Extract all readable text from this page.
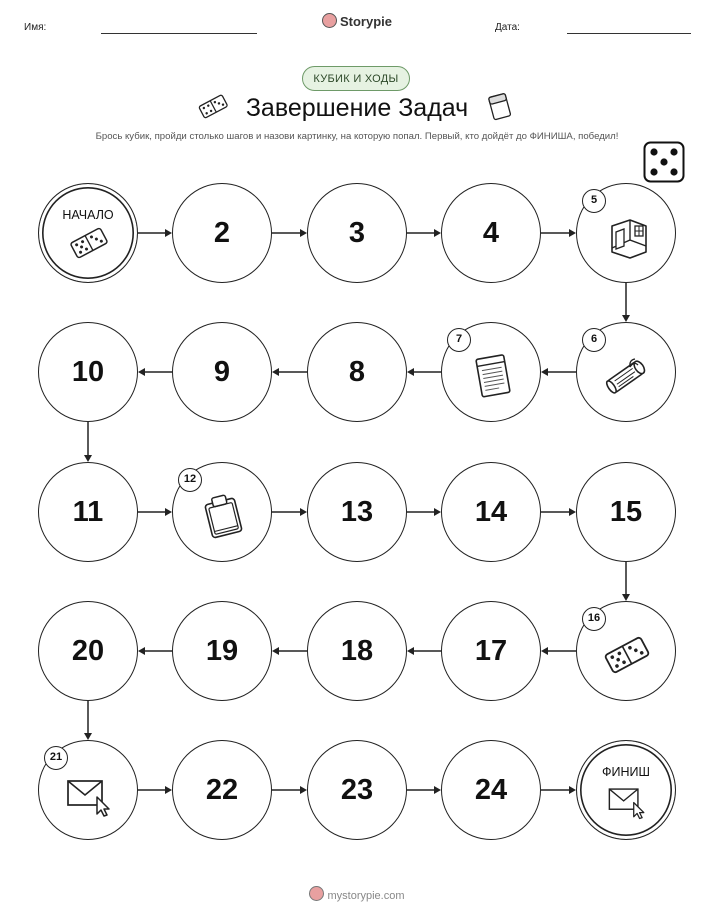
Имя:	Storypie	Дата:
КУБИК И ХОДЫ
Завершение Задач
Брось кубик, пройди столько шагов и назови картинку, на которую попал. Первый, кто дойдёт до ФИНИША, победил!
НАЧАЛО
2	3	4
5
6
7
8
9
10
11
12
13	14	15
16
17
18
19
20
21
22	23	24
ФИНИШ
mystorypie.com
